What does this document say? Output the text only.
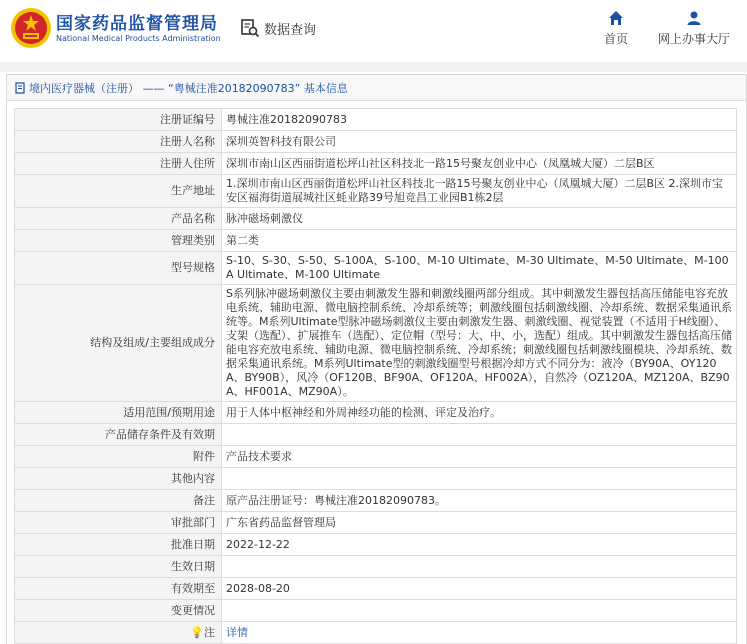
国家药品监督管理局
National Medical Products Administration
数据查询
首页 网上办事大厅
境内医疗器械（注册） —— “粤械注准20182090783” 基本信息
注册证编号	粤械注准20182090783
注册人名称	深圳英智科技有限公司
注册人住所	深圳市南山区西丽街道松坪山社区科技北一路15号聚友创业中心（凤凰城大厦）二层B区
生产地址	1.深圳市南山区西丽街道松坪山社区科技北一路15号聚友创业中心（凤凰城大厦）二层B区 2.深圳市宝安区福海街道展城社区蚝业路39号旭竞昌工业园B1栋2层
产品名称	脉冲磁场刺激仪
管理类别	第二类
型号规格	S-10、S-30、S-50、S-100A、S-100、M-10 Ultimate、M-30 Ultimate、M-50 Ultimate、M-100A Ultimate、M-100 Ultimate
结构及组成/主要组成成分	S系列脉冲磁场刺激仪主要由刺激发生器和刺激线圈两部分组成。其中刺激发生器包括高压储能电容充放电系统、辅助电源、微电脑控制系统、冷却系统等；刺激线圈包括刺激线圈、冷却系统、数据采集通讯系统等。M系列Ultimate型脉冲磁场刺激仪主要由刺激发生器、刺激线圈、视觉装置（不适用于H线圈）、支架（选配）、扩展推车（选配）、定位帽（型号：大、中、小，选配）组成。其中刺激发生器包括高压储能电容充放电系统、辅助电源、微电脑控制系统、冷却系统；刺激线圈包括刺激线圈模块、冷却系统、数据采集通讯系统。M系列Ultimate型的刺激线圈型号根据冷却方式不同分为：液冷（BY90A、OY120A、BY90B），风冷（OF120B、BF90A、OF120A、HF002A），自然冷（OZ120A、MZ120A、BZ90A、HF001A、MZ90A）。
适用范围/预期用途	用于人体中枢神经和外周神经功能的检测、评定及治疗。
产品储存条件及有效期	
附件	产品技术要求
其他内容	
备注	原产品注册证号：粤械注准20182090783。
审批部门	广东省药品监督管理局
批准日期	2022-12-22
生效日期	
有效期至	2028-08-20
变更情况	
💡注	详情
